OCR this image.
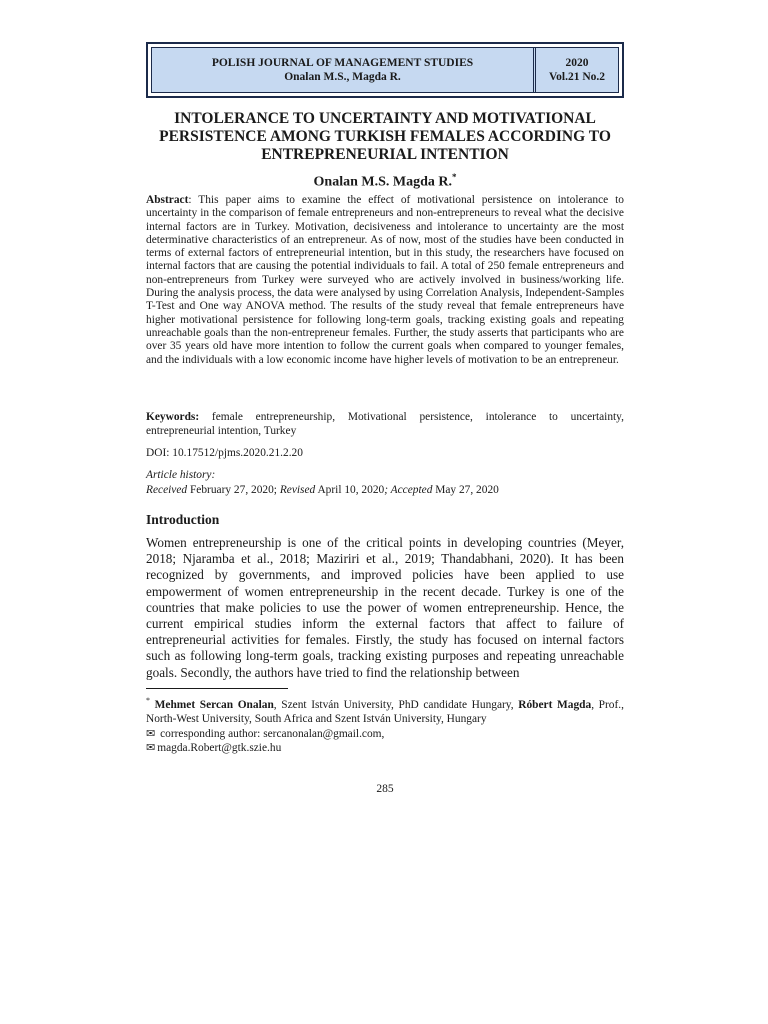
POLISH JOURNAL OF MANAGEMENT STUDIES
Onalan M.S., Magda R.
2020
Vol.21 No.2
INTOLERANCE TO UNCERTAINTY AND MOTIVATIONAL PERSISTENCE AMONG TURKISH FEMALES ACCORDING TO ENTREPRENEURIAL INTENTION
Onalan M.S. Magda R.*
Abstract: This paper aims to examine the effect of motivational persistence on intolerance to uncertainty in the comparison of female entrepreneurs and non-entrepreneurs to reveal what the decisive internal factors are in Turkey. Motivation, decisiveness and intolerance to uncertainty are the most determinative characteristics of an entrepreneur. As of now, most of the studies have been conducted in terms of external factors of entrepreneurial intention, but in this study, the researchers have focused on internal factors that are causing the potential individuals to fail. A total of 250 female entrepreneurs and non-entrepreneurs from Turkey were surveyed who are actively involved in business/working life. During the analysis process, the data were analysed by using Correlation Analysis, Independent-Samples T-Test and One way ANOVA method. The results of the study reveal that female entrepreneurs have higher motivational persistence for following long-term goals, tracking existing goals and repeating unreachable goals than the non-entrepreneur females. Further, the study asserts that participants who are over 35 years old have more intention to follow the current goals when compared to younger females, and the individuals with a low economic income have higher levels of motivation to be an entrepreneur.
Keywords: female entrepreneurship, Motivational persistence, intolerance to uncertainty, entrepreneurial intention, Turkey
DOI: 10.17512/pjms.2020.21.2.20
Article history:
Received February 27, 2020; Revised April 10, 2020; Accepted May 27, 2020
Introduction
Women entrepreneurship is one of the critical points in developing countries (Meyer, 2018; Njaramba et al., 2018; Maziriri et al., 2019; Thandabhani, 2020). It has been recognized by governments, and improved policies have been applied to use empowerment of women entrepreneurship in the recent decade. Turkey is one of the countries that make policies to use the power of women entrepreneurship. Hence, the current empirical studies inform the external factors that affect to failure of entrepreneurial activities for females. Firstly, the study has focused on internal factors such as following long-term goals, tracking existing purposes and repeating unreachable goals. Secondly, the authors have tried to find the relationship between
* Mehmet Sercan Onalan, Szent István University, PhD candidate Hungary, Róbert Magda, Prof., North-West University, South Africa and Szent István University, Hungary
✉ corresponding author: sercanonalan@gmail.com,
✉ magda.Robert@gtk.szie.hu
285
